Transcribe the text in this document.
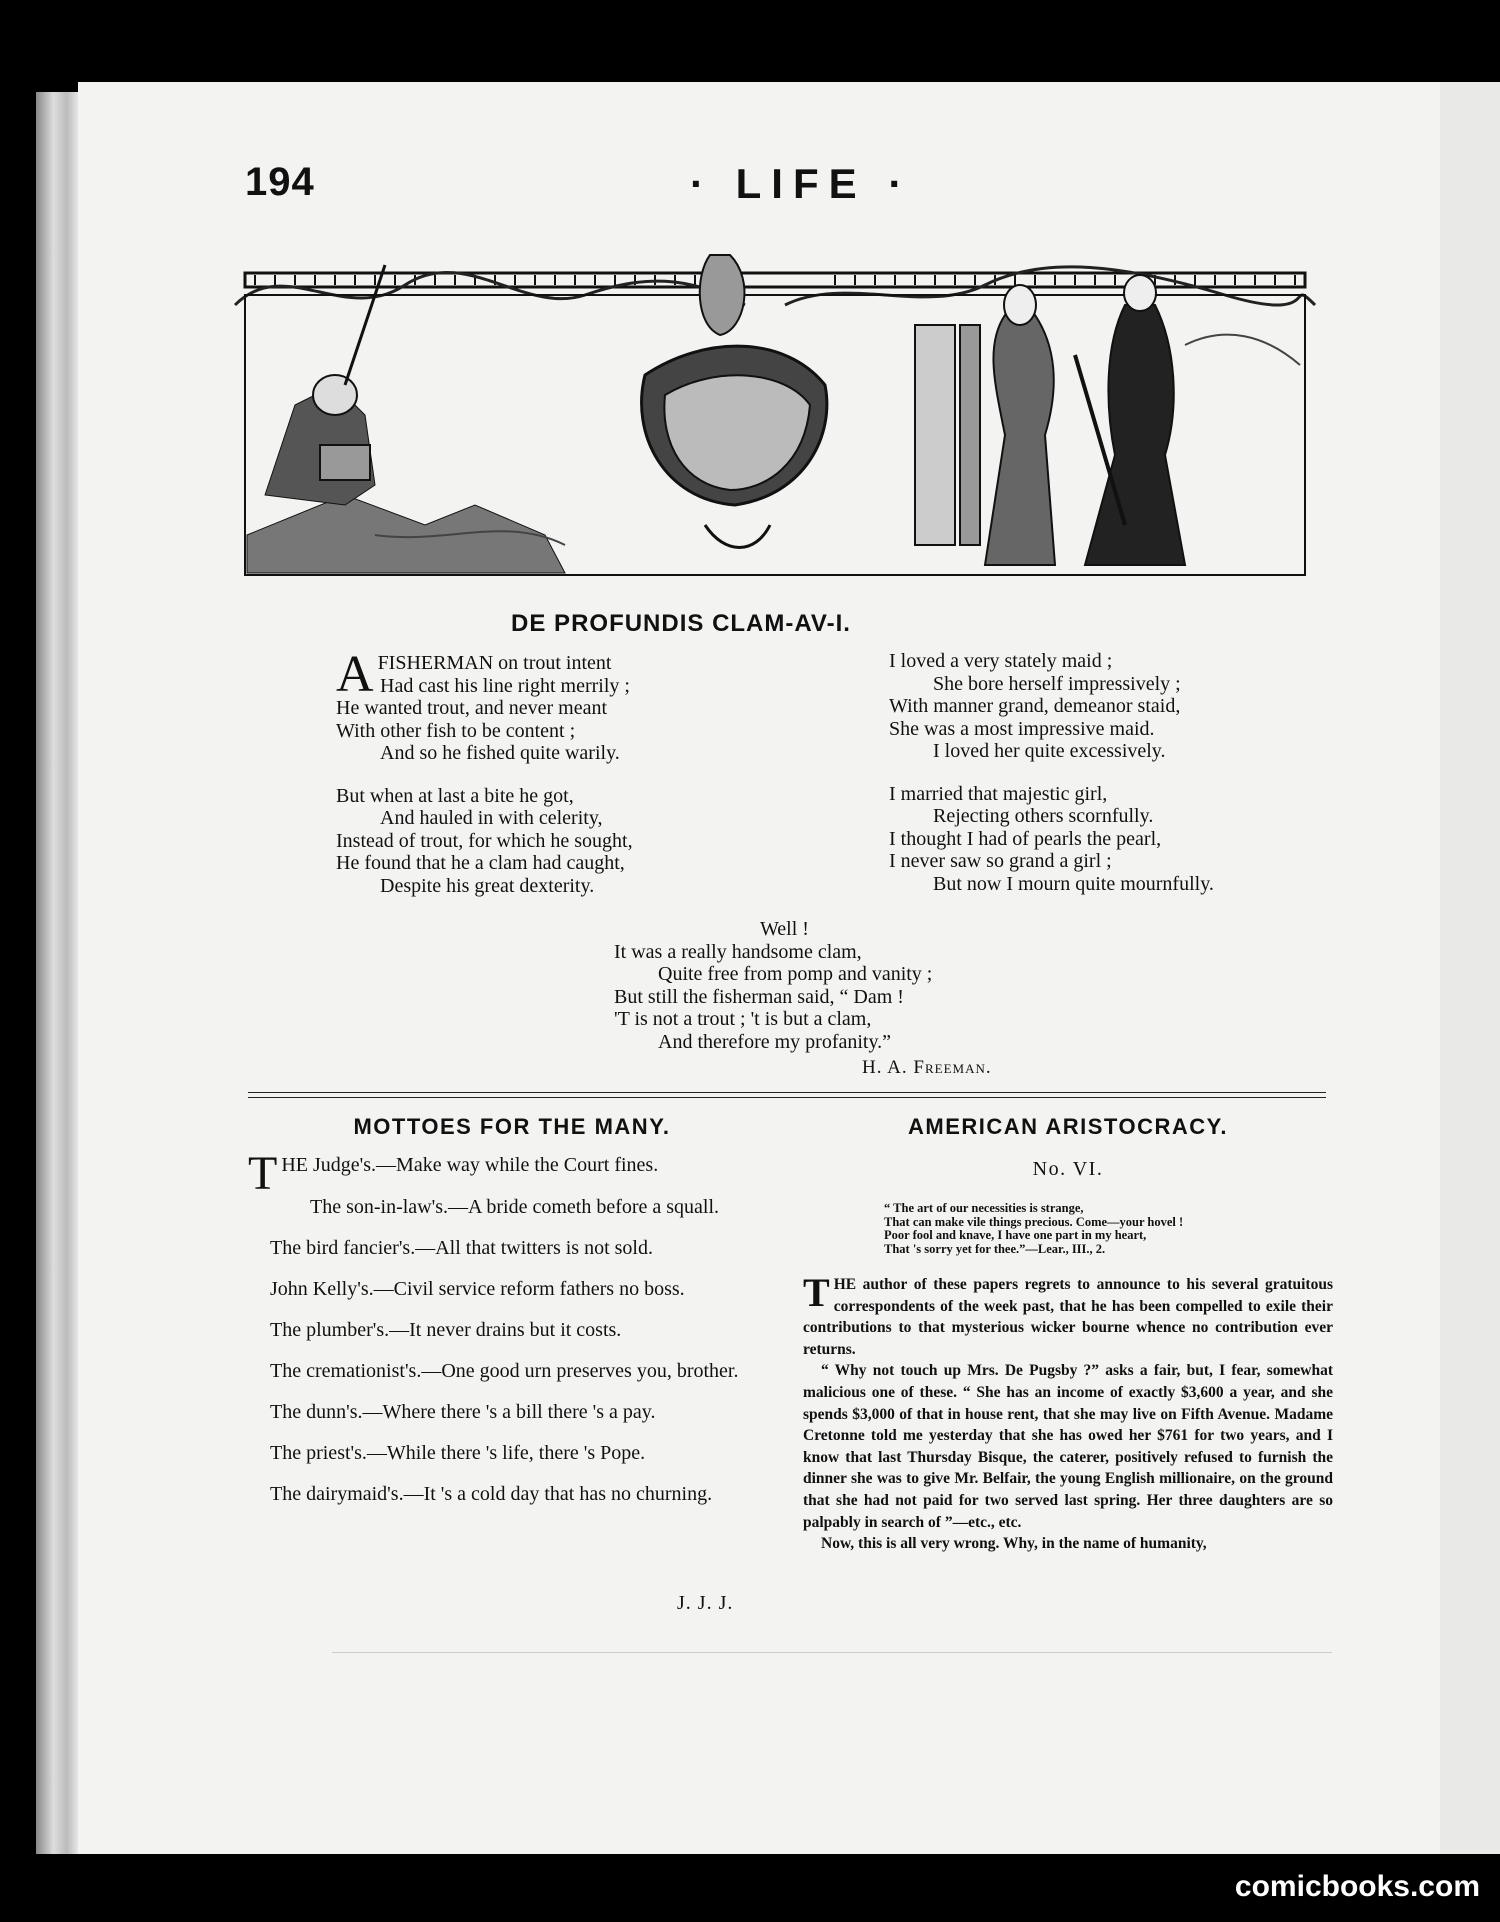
194	· LIFE ·
DE PROFUNDIS CLAM-AV-I.
AFISHERMAN on trout intent
Had cast his line right merrily ;
He wanted trout, and never meant
With other fish to be content ;
And so he fished quite warily.
But when at last a bite he got,
And hauled in with celerity,
Instead of trout, for which he sought,
He found that he a clam had caught,
Despite his great dexterity.
I loved a very stately maid ;
She bore herself impressively ;
With manner grand, demeanor staid,
She was a most impressive maid.
I loved her quite excessively.
I married that majestic girl,
Rejecting others scornfully.
I thought I had of pearls the pearl,
I never saw so grand a girl ;
But now I mourn quite mournfully.
Well !
It was a really handsome clam,
Quite free from pomp and vanity ;
But still the fisherman said, “ Dam !
'T is not a trout ; 't is but a clam,
And therefore my profanity.”
H. A. Freeman.
MOTTOES FOR THE MANY.

THE Judge's.—Make way while the Court fines.

The son-in-law's.—A bride cometh before a squall.

The bird fancier's.—All that twitters is not sold.

John Kelly's.—Civil service reform fathers no boss.

The plumber's.—It never drains but it costs.

The cremationist's.—One good urn preserves you, brother.

The dunn's.—Where there 's a bill there 's a pay.

The priest's.—While there 's life, there 's Pope.

The dairymaid's.—It 's a cold day that has no churning.

J. J. J.
AMERICAN ARISTOCRACY.
No. VI.
“ The art of our necessities is strange,
That can make vile things precious. Come—your hovel !
Poor fool and knave, I have one part in my heart,
That 's sorry yet for thee.”—Lear., III., 2.

THE author of these papers regrets to announce to his several gratuitous correspondents of the week past, that he has been compelled to exile their contributions to that mysterious wicker bourne whence no contribution ever returns.

“ Why not touch up Mrs. De Pugsby ?” asks a fair, but, I fear, somewhat malicious one of these. “ She has an income of exactly $3,600 a year, and she spends $3,000 of that in house rent, that she may live on Fifth Avenue. Madame Cretonne told me yesterday that she has owed her $761 for two years, and I know that last Thursday Bisque, the caterer, positively refused to furnish the dinner she was to give Mr. Belfair, the young English millionaire, on the ground that she had not paid for two served last spring. Her three daughters are so palpably in search of ”—etc., etc.

Now, this is all very wrong. Why, in the name of humanity,

comicbooks.com
